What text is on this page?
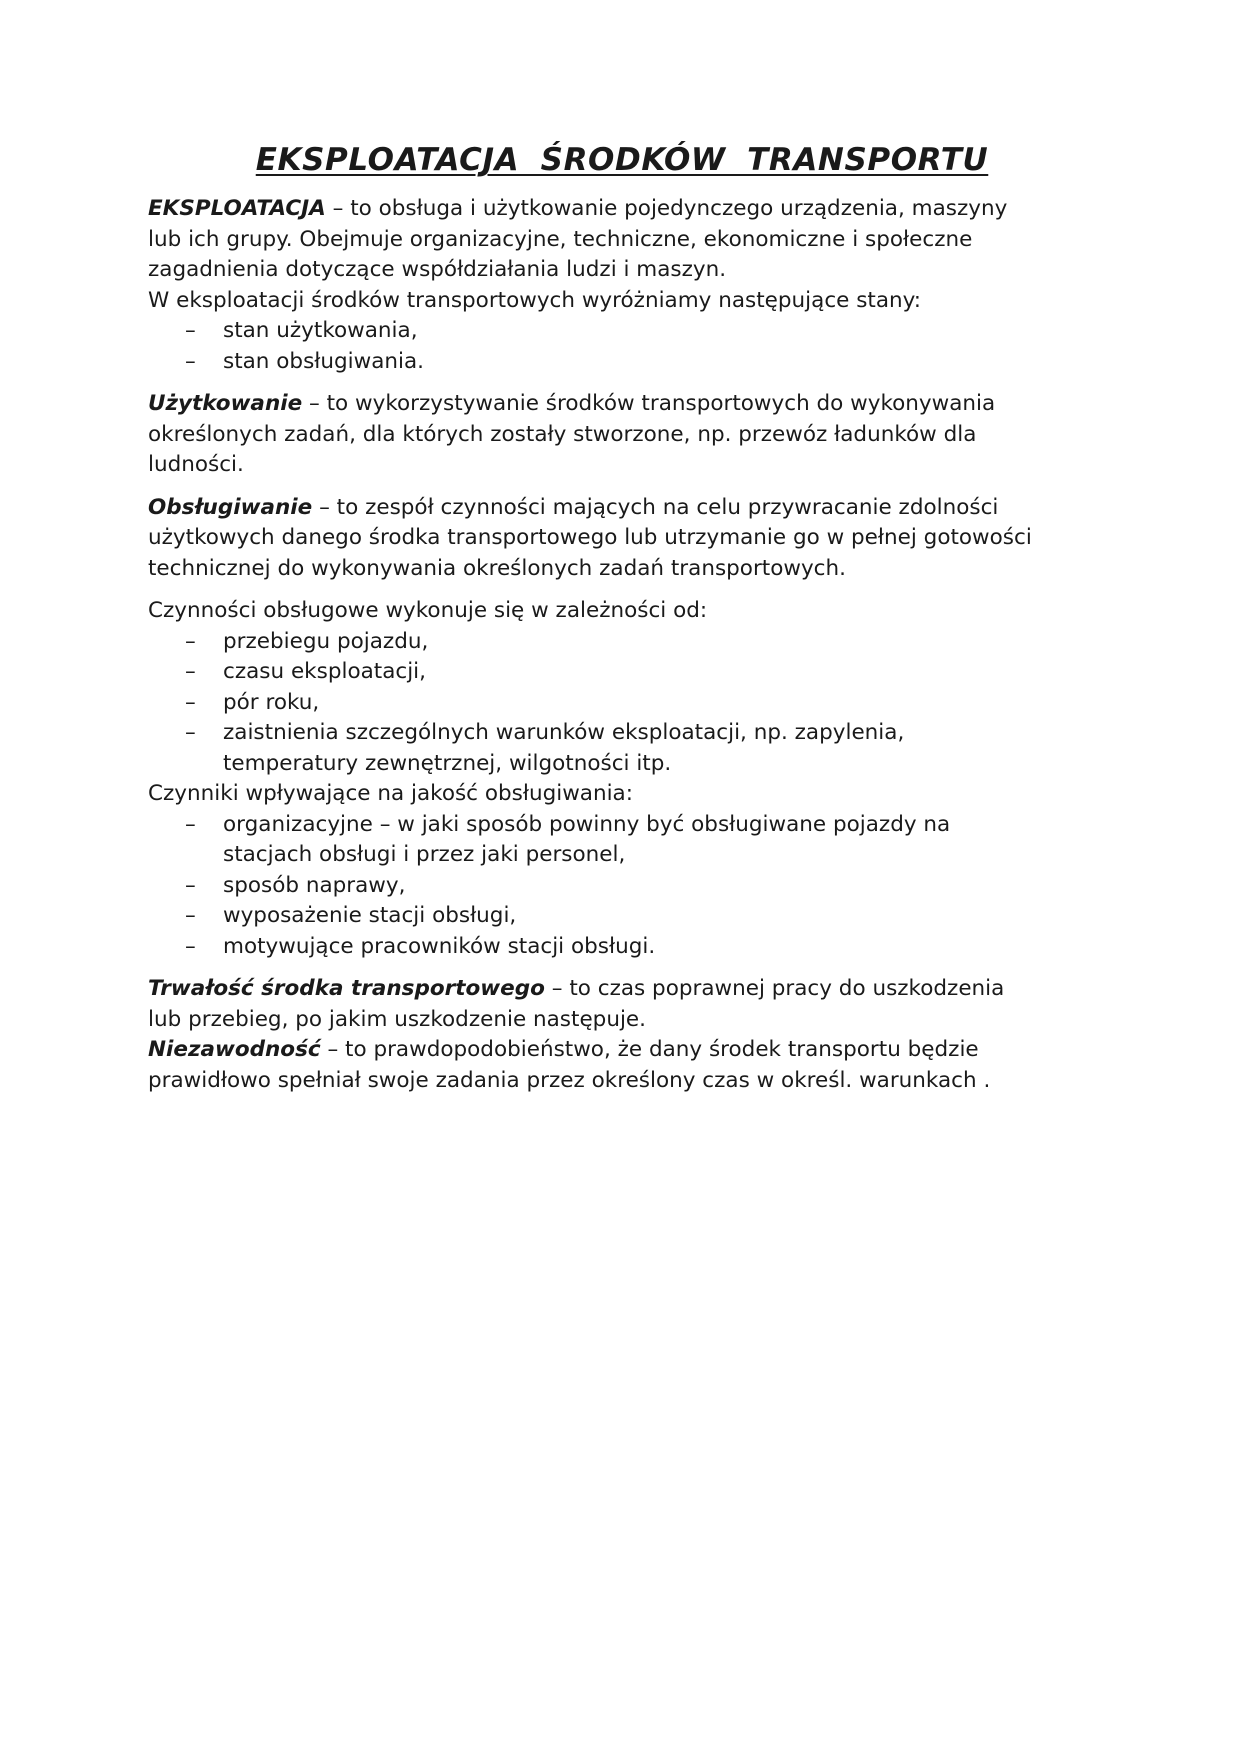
EKSPLOATACJA ŚRODKÓW TRANSPORTU

EKSPLOATACJA – to obsługa i użytkowanie pojedynczego urządzenia, maszyny

lub ich grupy. Obejmuje organizacyjne, techniczne, ekonomiczne i społeczne

zagadnienia dotyczące współdziałania ludzi i maszyn.

W eksploatacji środków transportowych wyróżniamy następujące stany:

– stan użytkowania,
– stan obsługiwania.

Użytkowanie – to wykorzystywanie środków transportowych do wykonywania

określonych zadań, dla których zostały stworzone, np. przewóz ładunków dla

ludności.

Obsługiwanie – to zespół czynności mających na celu przywracanie zdolności

użytkowych danego środka transportowego lub utrzymanie go w pełnej gotowości

technicznej do wykonywania określonych zadań transportowych.

Czynności obsługowe wykonuje się w zależności od:

– przebiegu pojazdu,
– czasu eksploatacji,
– pór roku,
– zaistnienia szczególnych warunków eksploatacji, np. zapylenia,
temperatury zewnętrznej, wilgotności itp.

Czynniki wpływające na jakość obsługiwania:

– organizacyjne – w jaki sposób powinny być obsługiwane pojazdy na
stacjach obsługi i przez jaki personel,
– sposób naprawy,
– wyposażenie stacji obsługi,
– motywujące pracowników stacji obsługi.

Trwałość środka transportowego – to czas poprawnej pracy do uszkodzenia

lub przebieg, po jakim uszkodzenie następuje.

Niezawodność – to prawdopodobieństwo, że dany środek transportu będzie

prawidłowo spełniał swoje zadania przez określony czas w określ. warunkach .
